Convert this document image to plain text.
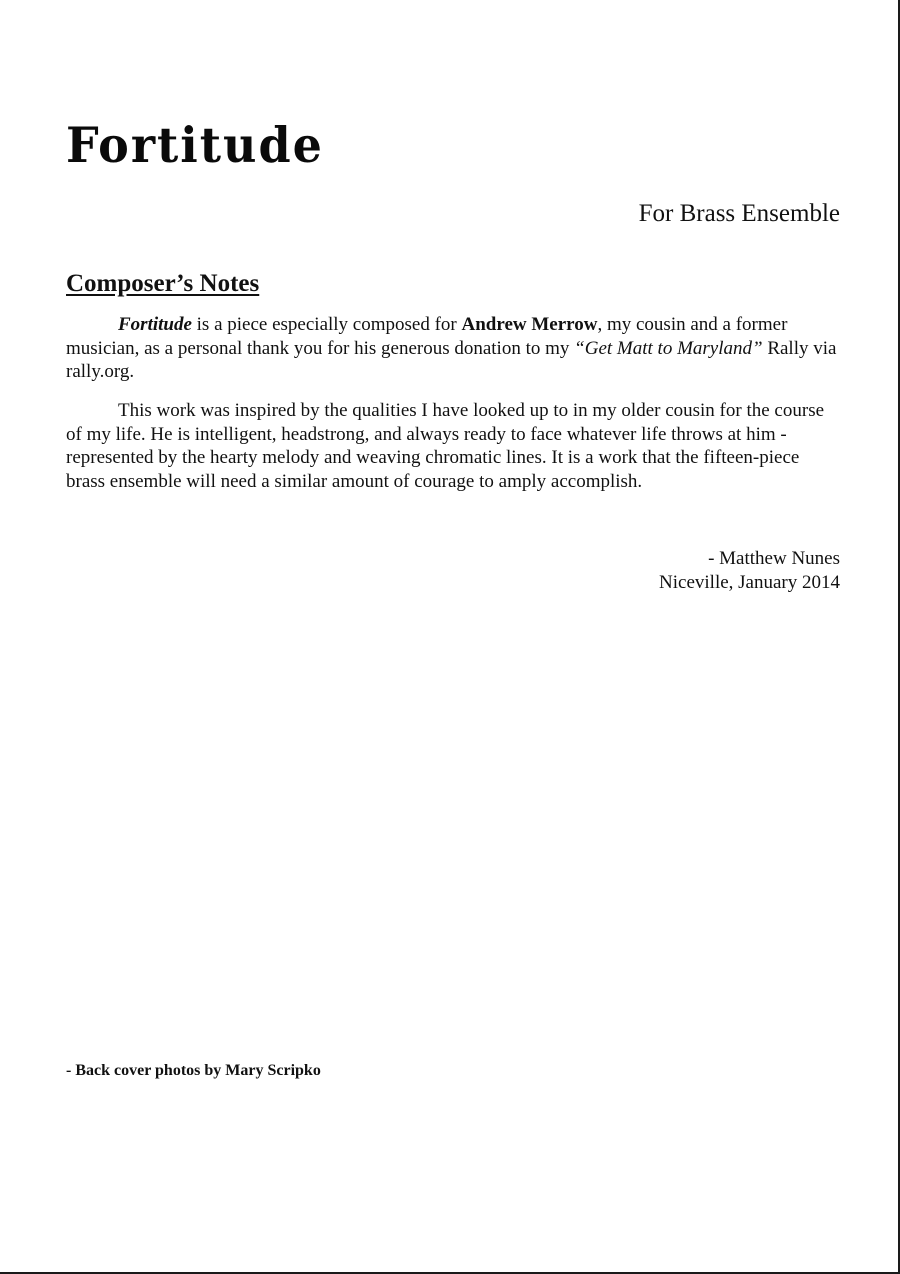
Fortitude

For Brass Ensemble

Composer’s Notes

Fortitude is a piece especially composed for Andrew Merrow, my cousin and a former musician, as a personal thank you for his generous donation to my “Get Matt to Maryland” Rally via rally.org.

This work was inspired by the qualities I have looked up to in my older cousin for the course of my life. He is intelligent, headstrong, and always ready to face whatever life throws at him - represented by the hearty melody and weaving chromatic lines. It is a work that the fifteen-piece brass ensemble will need a similar amount of courage to amply accomplish.

- Matthew Nunes
Niceville, January 2014

- Back cover photos by Mary Scripko
